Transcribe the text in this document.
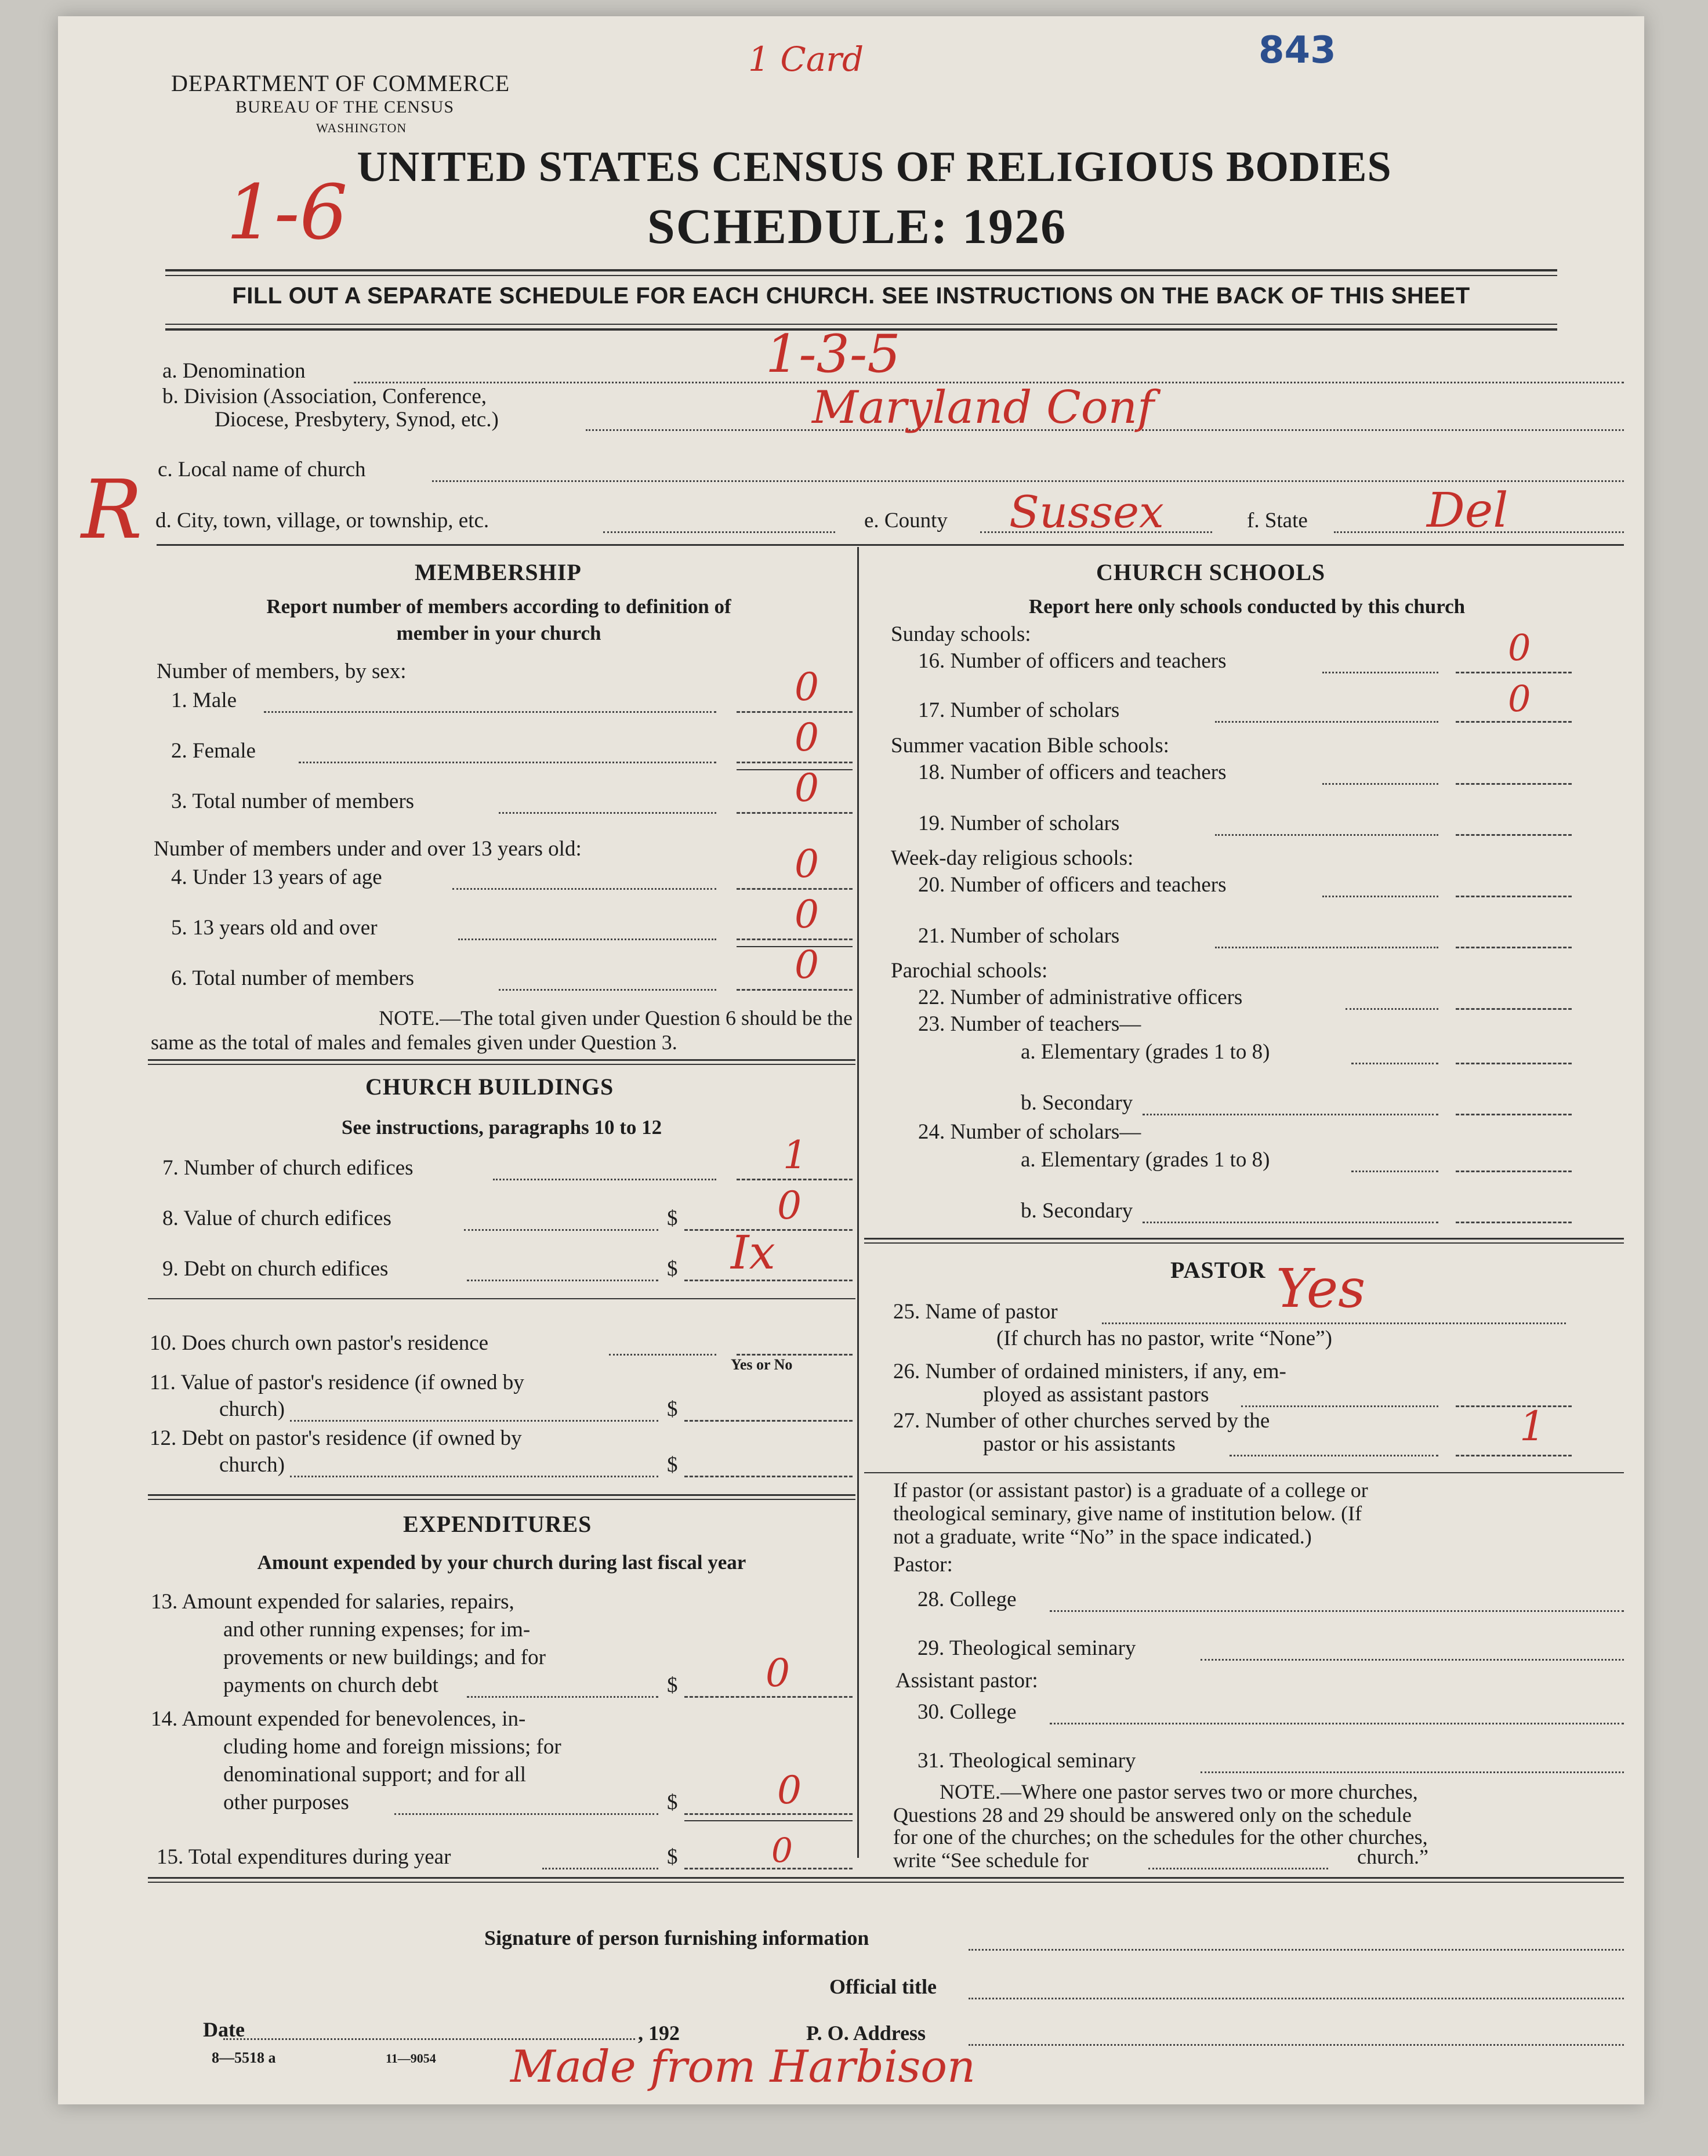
DEPARTMENT OF COMMERCE
BUREAU OF THE CENSUS
WASHINGTON
843
1 Card
1-6
UNITED STATES CENSUS OF RELIGIOUS BODIES
SCHEDULE: 1926
FILL OUT A SEPARATE SCHEDULE FOR EACH CHURCH. SEE INSTRUCTIONS ON THE BACK OF THIS SHEET
a. Denomination	1-3-5
b. Division (Association, Conference,
Diocese, Presbytery, Synod, etc.)	Maryland Conf
c. Local name of church
R d. City, town, village, or township, etc.	e. County Sussex	f. State	Del
MEMBERSHIP
Report number of members according to definition of
member in your church
Number of members, by sex:
1. Male	0
2. Female	0
3. Total number of members	0
Number of members under and over 13 years old:
4. Under 13 years of age	0
5. 13 years old and over	0
6. Total number of members	0
NOTE.—The total given under Question 6 should be the
same as the total of males and females given under Question 3.
CHURCH BUILDINGS
See instructions, paragraphs 10 to 12
7. Number of church edifices	1
8. Value of church edifices	$	0
9. Debt on church edifices	$ Ix
10. Does church own pastor's residence
Yes or No
11. Value of pastor's residence (if owned by
church)	$
12. Debt on pastor's residence (if owned by
church)	$
EXPENDITURES
Amount expended by your church during last fiscal year
13. Amount expended for salaries, repairs,
and other running expenses; for im-
provements or new buildings; and for
payments on church debt	$ 0
14. Amount expended for benevolences, in-
cluding home and foreign missions; for
denominational support; and for all
other purposes	$	0
15. Total expenditures during year	$	0
CHURCH SCHOOLS
Report here only schools conducted by this church
Sunday schools:
16. Number of officers and teachers	0
17. Number of scholars	0
Summer vacation Bible schools:
18. Number of officers and teachers
19. Number of scholars
Week-day religious schools:
20. Number of officers and teachers
21. Number of scholars
Parochial schools:
22. Number of administrative officers
23. Number of teachers—
a. Elementary (grades 1 to 8)
b. Secondary
24. Number of scholars—
a. Elementary (grades 1 to 8)
b. Secondary
PASTOR
25. Name of pastor	Yes
(If church has no pastor, write “None”)
26. Number of ordained ministers, if any, em-
ployed as assistant pastors
27. Number of other churches served by the
pastor or his assistants	1
If pastor (or assistant pastor) is a graduate of a college or
theological seminary, give name of institution below. (If
not a graduate, write “No” in the space indicated.)
Pastor:
28. College
29. Theological seminary
Assistant pastor:
30. College
31. Theological seminary
NOTE.—Where one pastor serves two or more churches,
Questions 28 and 29 should be answered only on the schedule
for one of the churches; on the schedules for the other churches,
write “See schedule for	church.”
Signature of person furnishing information
Official title
Date	, 192	P. O. Address
8—5518 a	11—9054 Made from Harbison
